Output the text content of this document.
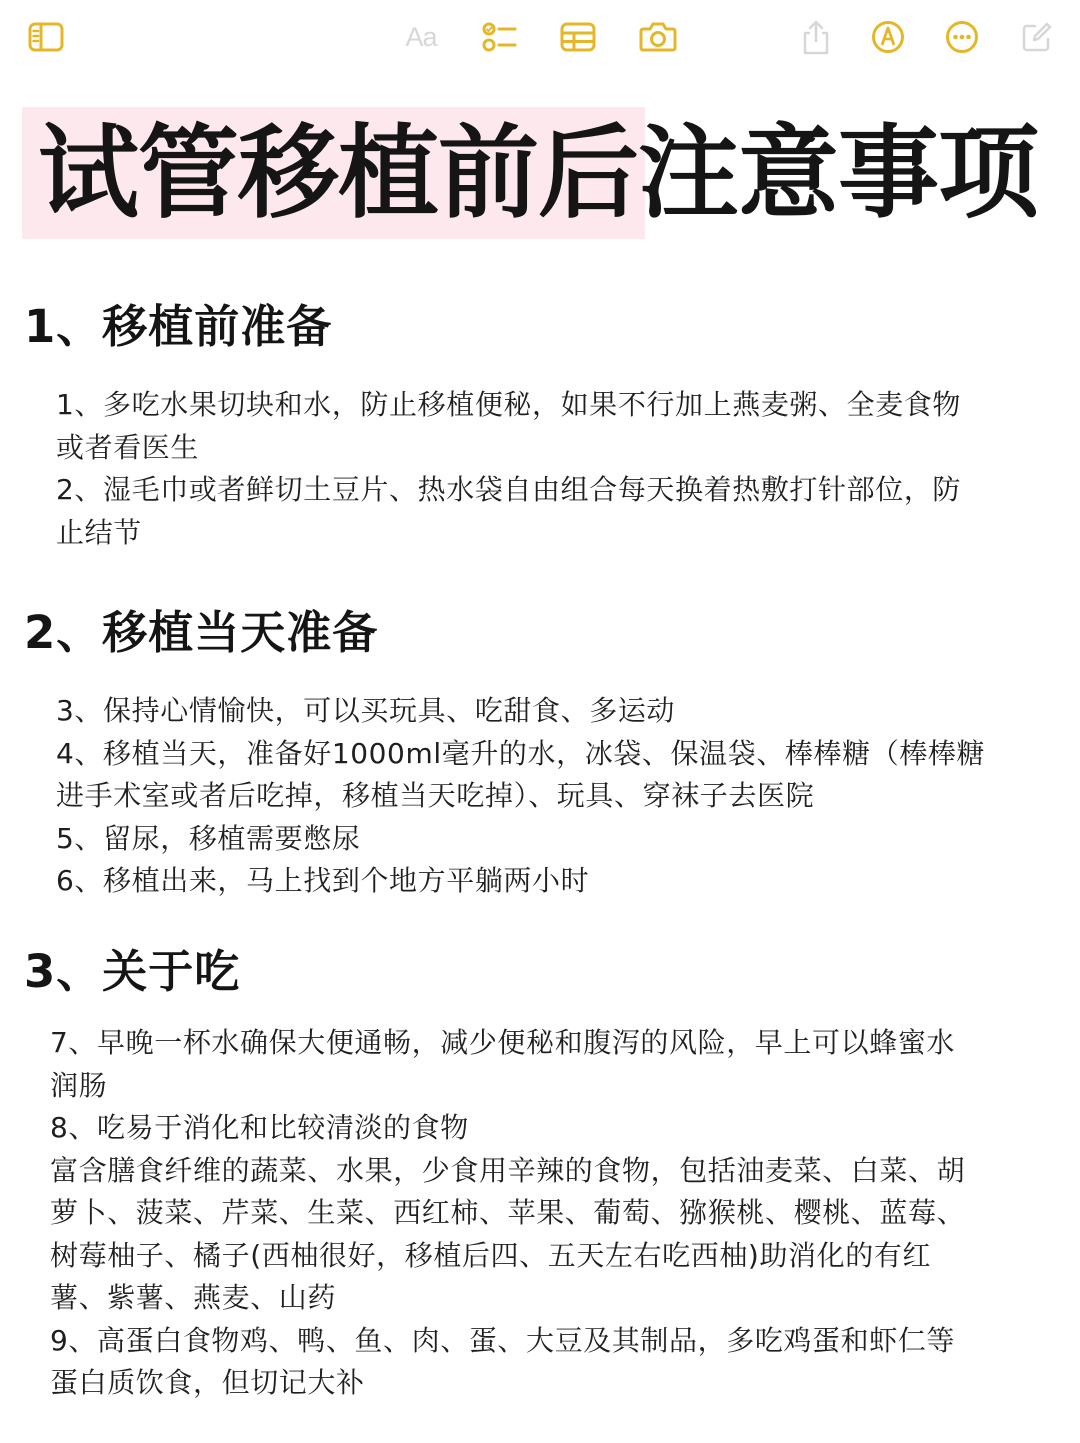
Aa
试管移植前后注意事项
1、移植前准备
1、多吃水果切块和水，防止移植便秘，如果不行加上燕麦粥、全麦食物
或者看医生
2、湿毛巾或者鲜切土豆片、热水袋自由组合每天换着热敷打针部位，防
止结节
2、移植当天准备
3、保持心情愉快，可以买玩具、吃甜食、多运动
4、移植当天，准备好1000ml毫升的水，冰袋、保温袋、棒棒糖（棒棒糖
进手术室或者后吃掉，移植当天吃掉）、玩具、穿袜子去医院
5、留尿，移植需要憋尿
6、移植出来，马上找到个地方平躺两小时
3、关于吃
7、早晚一杯水确保大便通畅，减少便秘和腹泻的风险，早上可以蜂蜜水
润肠
8、吃易于消化和比较清淡的食物
富含膳食纤维的蔬菜、水果，少食用辛辣的食物，包括油麦菜、白菜、胡
萝卜、菠菜、芹菜、生菜、西红柿、苹果、葡萄、猕猴桃、樱桃、蓝莓、
树莓柚子、橘子(西柚很好，移植后四、五天左右吃西柚)助消化的有红
薯、紫薯、燕麦、山药
9、高蛋白食物鸡、鸭、鱼、肉、蛋、大豆及其制品，多吃鸡蛋和虾仁等
蛋白质饮食，但切记大补
